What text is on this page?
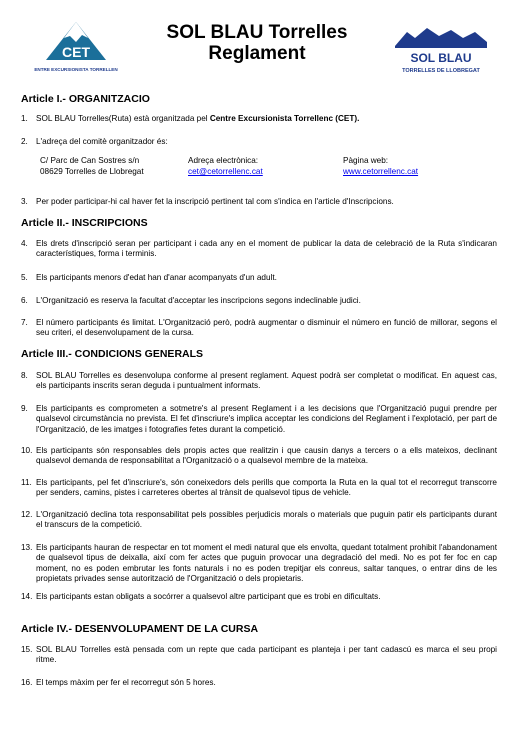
CET
CENTRE EXCURSIONISTA TORRELLENC
SOL BLAU Torrelles
Reglament	SOL BLAU
TORRELLES DE LLOBREGAT
Article I.- ORGANITZACIO
1. SOL BLAU Torrelles(Ruta) està organitzada pel Centre Excursionista Torrellenc (CET).
2. L'adreça del comitè organitzador és:
C/ Parc de Can Sostres s/n
08629 Torrelles de Llobregat
Adreça electrònica:
cet@cetorrellenc.cat
Pàgina web:
www.cetorrellenc.cat
3. Per poder participar-hi cal haver fet la inscripció pertinent tal com s'indica en l'article d'Inscripcions.
Article II.- INSCRIPCIONS
4. Els drets d'inscripció seran per participant i cada any en el moment de publicar la data de celebració de la Ruta s'indicaran característiques, forma i terminis.
5. Els participants menors d'edat han d'anar acompanyats d'un adult.
6. L'Organització es reserva la facultat d'acceptar les inscripcions segons indeclinable judici.
7. El número participants és limitat. L'Organització però, podrà augmentar o disminuir el número en funció de millorar, segons el seu criteri, el desenvolupament de la cursa.
Article III.- CONDICIONS GENERALS
8. SOL BLAU Torrelles es desenvolupa conforme al present reglament. Aquest podrà ser completat o modificat. En aquest cas, els participants inscrits seran deguda i puntualment informats.
9. Els participants es comprometen a sotmetre's al present Reglament i a les decisions que l'Organització pugui prendre per qualsevol circumstància no prevista. El fet d'inscriure's implica acceptar les condicions del Reglament i l'explotació, per part de l'Organització, de les imatges i fotografies fetes durant la competició.
10. Els participants són responsables dels propis actes que realitzin i que causin danys a tercers o a ells mateixos, declinant qualsevol demanda de responsabilitat a l'Organització o a qualsevol membre de la mateixa.
11. Els participants, pel fet d'inscriure's, són coneixedors dels perills que comporta la Ruta en la qual tot el recorregut transcorre per senders, camins, pistes i carreteres obertes al trànsit de qualsevol tipus de vehicle.
12. L'Organització declina tota responsabilitat pels possibles perjudicis morals o materials que puguin patir els participants durant el transcurs de la competició.
13. Els participants hauran de respectar en tot moment el medi natural que els envolta, quedant totalment prohibit l'abandonament de qualsevol tipus de deixalla, així com fer actes que puguin provocar una degradació del medi. No es pot fer foc en cap moment, no es poden embrutar les fonts naturals i no es poden trepitjar els conreus, saltar tanques, o entrar dins de les propietats privades sense autorització de l'Organització o dels propietaris.
14. Els participants estan obligats a socórrer a qualsevol altre participant que es trobi en dificultats.
Article IV.- DESENVOLUPAMENT DE LA CURSA
15. SOL BLAU Torrelles està pensada com un repte que cada participant es planteja i per tant cadascú es marca el seu propi ritme.
16. El temps màxim per fer el recorregut són 5 hores.
